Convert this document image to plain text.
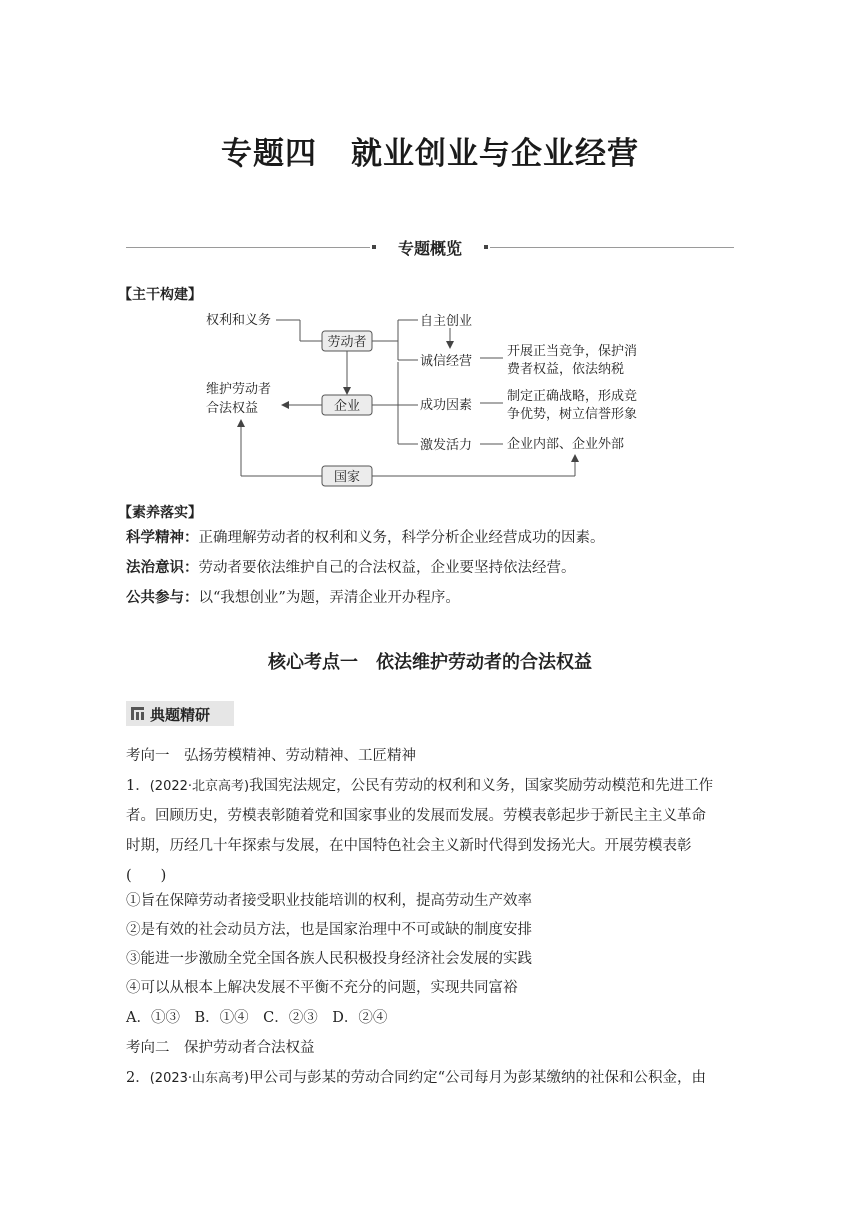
专题四 就业创业与企业经营
专题概览
【主干构建】
权利和义务
劳动者
自主创业
诚信经营
开展正当竞争，保护消
费者权益，依法纳税
维护劳动者
合法权益	企业	成功因素
制定正确战略，形成竞
争优势，树立信誉形象
激发活力	企业内部、企业外部
国家
【素养落实】
科学精神：正确理解劳动者的权利和义务，科学分析企业经营成功的因素。
法治意识：劳动者要依法维护自己的合法权益，企业要坚持依法经营。
公共参与：以“我想创业”为题，弄清企业开办程序。
核心考点一 依法维护劳动者的合法权益
典题精研
考向一　弘扬劳模精神、劳动精神、工匠精神
1．(2022·北京高考)我国宪法规定，公民有劳动的权利和义务，国家奖励劳动模范和先进工作
者。回顾历史，劳模表彰随着党和国家事业的发展而发展。劳模表彰起步于新民主主义革命
时期，历经几十年探索与发展，在中国特色社会主义新时代得到发扬光大。开展劳模表彰
(　　)
①旨在保障劳动者接受职业技能培训的权利，提高劳动生产效率
②是有效的社会动员方法，也是国家治理中不可或缺的制度安排
③能进一步激励全党全国各族人民积极投身经济社会发展的实践
④可以从根本上解决发展不平衡不充分的问题，实现共同富裕
A．①③　B．①④　C．②③　D．②④
考向二　保护劳动者合法权益
2．(2023·山东高考)甲公司与彭某的劳动合同约定“公司每月为彭某缴纳的社保和公积金，由
